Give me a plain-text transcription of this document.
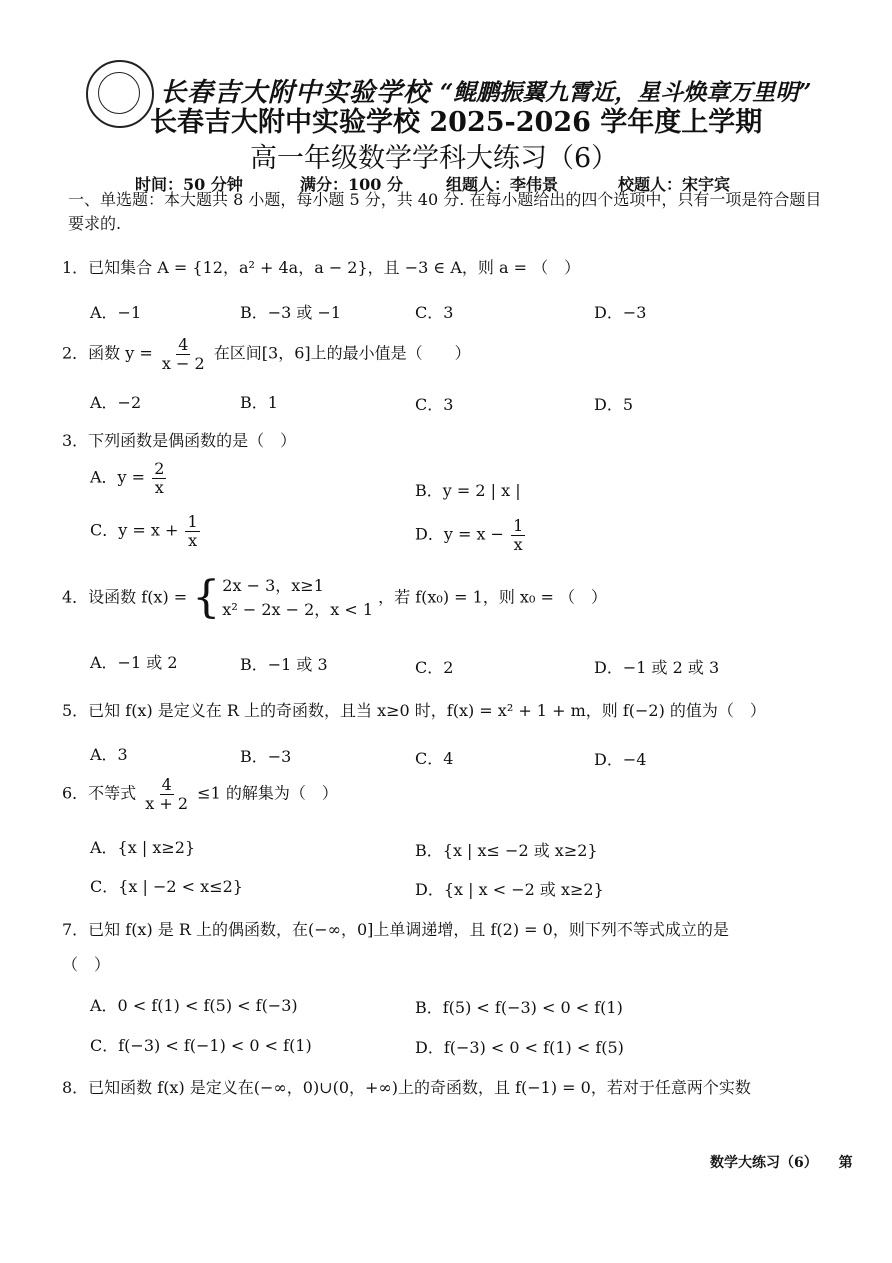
长春吉大附中实验学校 “鲲鹏振翼九霄近，星斗焕章万里明”
长春吉大附中实验学校 2025-2026 学年度上学期
高一年级数学学科大练习（6）
时间：50 分钟	满分：100 分	组题人：李伟景	校题人：宋宇宾
一、单选题：本大题共 8 小题，每小题 5 分，共 40 分. 在每小题给出的四个选项中，只有一项是符合题目　要求的.
1．已知集合 A = {12，a² + 4a，a − 2}，且 −3 ∈ A，则 a = （　）
A．−1	B．−3 或 −1	C．3	D．−3
2．函数 $y = \frac{4}{x - 2}$ 在区间[3，6]上的最小值是（　　）
A．−2	B．1	C．3	D．5
3．下列函数是偶函数的是（　）
A．$y = \frac{2}{x}$	B．y = 2 | x |
C．$y = x + \frac{1}{x}$	D．$y = x - \frac{1}{x}$
4．设函数 f(x) = { 2x − 3，x≥1
x² − 2x − 2，x < 1
，若 f(x₀) = 1，则 x₀ = （　）
A．−1 或 2	B．−1 或 3	C．2	D．−1 或 2 或 3
5．已知 f(x) 是定义在 R 上的奇函数，且当 x≥0 时，f(x) = x² + 1 + m，则 f(−2) 的值为（　）
A．3	B．−3	C．4	D．−4
6．不等式 $\frac{4}{x + 2} \le 1$ 的解集为（　）
A．{x | x≥2}	B．{x | x≤ −2 或 x≥2}
C．{x | −2 < x≤2}	D．{x | x < −2 或 x≥2}
7．已知 f(x) 是 R 上的偶函数，在(−∞，0]上单调递增，且 f(2) = 0，则下列不等式成立的是
（　）
A．0 < f(1) < f(5) < f(−3)	B．f(5) < f(−3) < 0 < f(1)
C．f(−3) < f(−1) < 0 < f(1)	D．f(−3) < 0 < f(1) < f(5)
8．已知函数 f(x) 是定义在(−∞，0)∪(0，+∞)上的奇函数，且 f(−1) = 0，若对于任意两个实数
数学大练习（6） 第
